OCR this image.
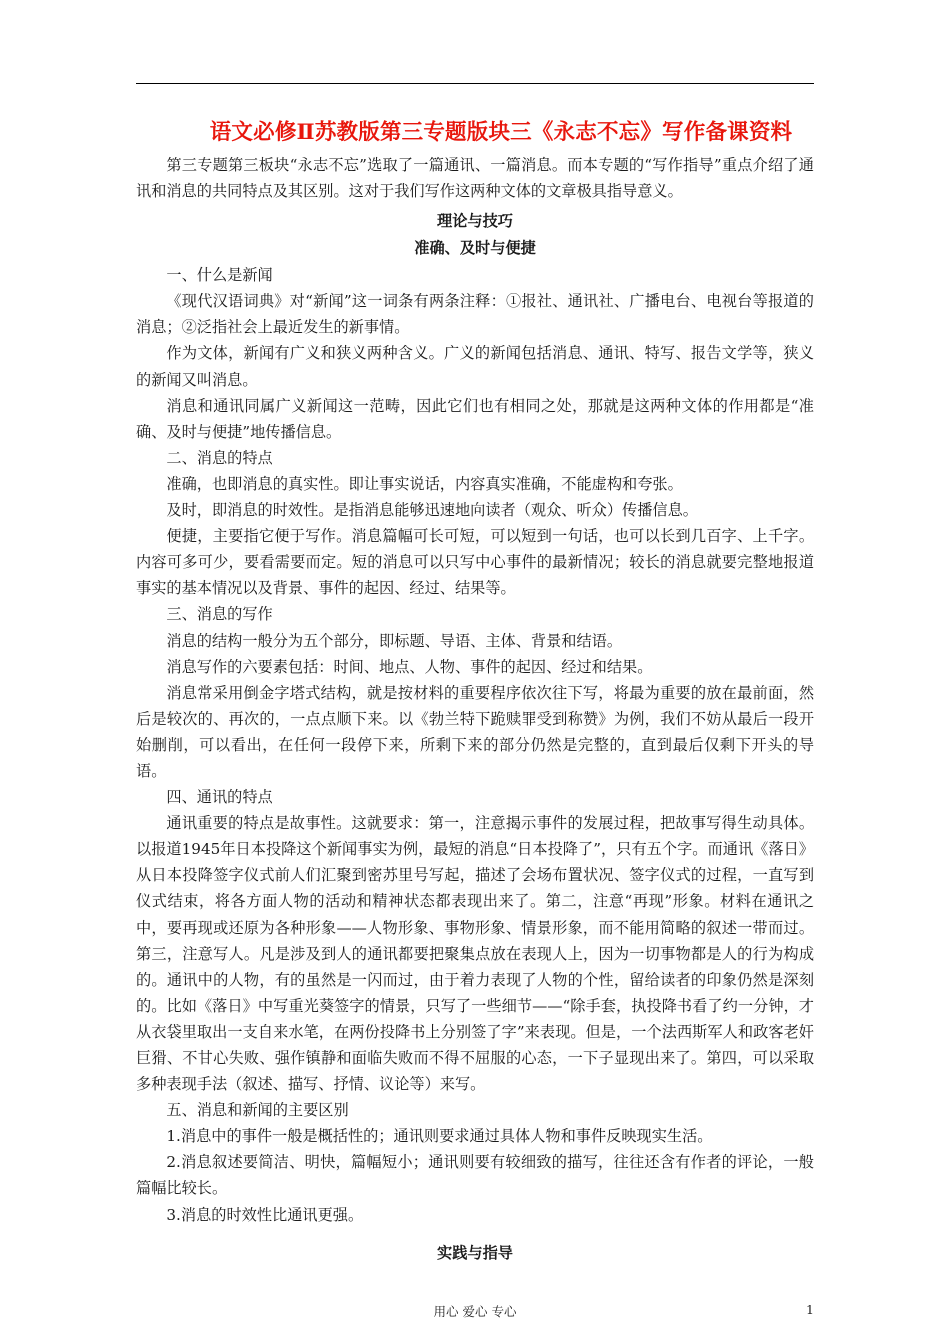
语文必修Ⅱ苏教版第三专题版块三《永志不忘》写作备课资料

第三专题第三板块“永志不忘”选取了一篇通讯、一篇消息。而本专题的“写作指导”重点介绍了通讯和消息的共同特点及其区别。这对于我们写作这两种文体的文章极具指导意义。

理论与技巧

准确、及时与便捷

一、什么是新闻

《现代汉语词典》对“新闻”这一词条有两条注释：①报社、通讯社、广播电台、电视台等报道的消息；②泛指社会上最近发生的新事情。

作为文体，新闻有广义和狭义两种含义。广义的新闻包括消息、通讯、特写、报告文学等，狭义的新闻又叫消息。

消息和通讯同属广义新闻这一范畴，因此它们也有相同之处，那就是这两种文体的作用都是“准确、及时与便捷”地传播信息。

二、消息的特点

准确，也即消息的真实性。即让事实说话，内容真实准确，不能虚构和夸张。

及时，即消息的时效性。是指消息能够迅速地向读者（观众、听众）传播信息。

便捷，主要指它便于写作。消息篇幅可长可短，可以短到一句话，也可以长到几百字、上千字。内容可多可少，要看需要而定。短的消息可以只写中心事件的最新情况；较长的消息就要完整地报道事实的基本情况以及背景、事件的起因、经过、结果等。

三、消息的写作

消息的结构一般分为五个部分，即标题、导语、主体、背景和结语。

消息写作的六要素包括：时间、地点、人物、事件的起因、经过和结果。

消息常采用倒金字塔式结构，就是按材料的重要程序依次往下写，将最为重要的放在最前面，然后是较次的、再次的，一点点顺下来。以《勃兰特下跪赎罪受到称赞》为例，我们不妨从最后一段开始删削，可以看出，在任何一段停下来，所剩下来的部分仍然是完整的，直到最后仅剩下开头的导语。

四、通讯的特点

通讯重要的特点是故事性。这就要求：第一，注意揭示事件的发展过程，把故事写得生动具体。以报道1945年日本投降这个新闻事实为例，最短的消息“日本投降了”，只有五个字。而通讯《落日》从日本投降签字仪式前人们汇聚到密苏里号写起，描述了会场布置状况、签字仪式的过程，一直写到仪式结束，将各方面人物的活动和精神状态都表现出来了。第二，注意“再现”形象。材料在通讯之中，要再现或还原为各种形象——人物形象、事物形象、情景形象，而不能用简略的叙述一带而过。第三，注意写人。凡是涉及到人的通讯都要把聚集点放在表现人上，因为一切事物都是人的行为构成的。通讯中的人物，有的虽然是一闪而过，由于着力表现了人物的个性，留给读者的印象仍然是深刻的。比如《落日》中写重光葵签字的情景，只写了一些细节——“除手套，执投降书看了约一分钟，才从衣袋里取出一支自来水笔，在两份投降书上分别签了字”来表现。但是，一个法西斯军人和政客老奸巨猾、不甘心失败、强作镇静和面临失败而不得不屈服的心态，一下子显现出来了。第四，可以采取多种表现手法（叙述、描写、抒情、议论等）来写。

五、消息和新闻的主要区别

1.消息中的事件一般是概括性的；通讯则要求通过具体人物和事件反映现实生活。

2.消息叙述要简洁、明快，篇幅短小；通讯则要有较细致的描写，往往还含有作者的评论，一般篇幅比较长。

3.消息的时效性比通讯更强。

实践与指导

用心 爱心 专心	1
